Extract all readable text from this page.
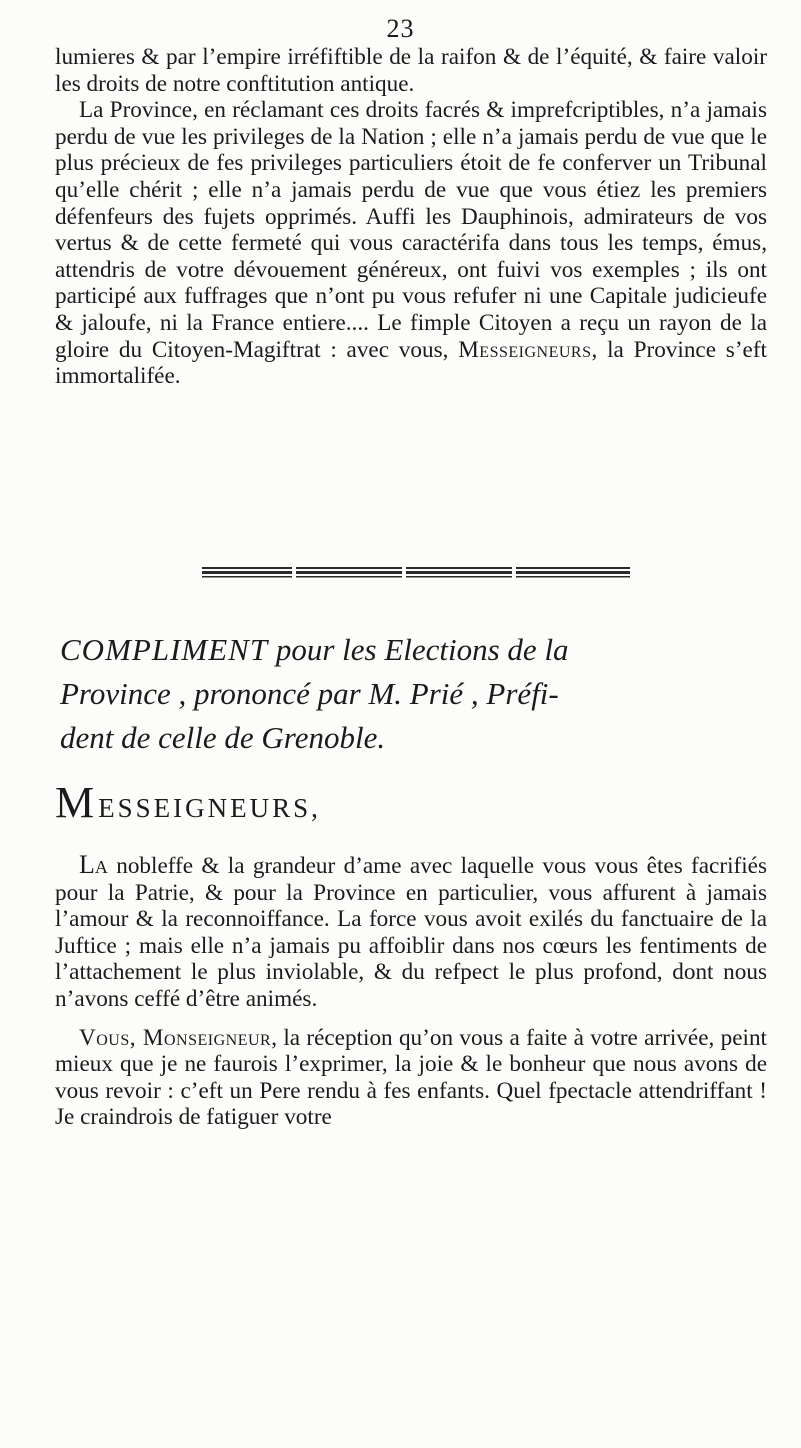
23

lumieres & par l’empire irréfiftible de la raifon & de l’équité, & faire valoir les droits de notre conftitution antique.

La Province, en réclamant ces droits facrés & imprefcriptibles, n’a jamais perdu de vue les privileges de la Nation ; elle n’a jamais perdu de vue que le plus précieux de fes privileges particuliers étoit de fe conferver un Tribunal qu’elle chérit ; elle n’a jamais perdu de vue que vous étiez les premiers défenfeurs des fujets opprimés. Auffi les Dauphinois, admirateurs de vos vertus & de cette fermeté qui vous caractérifa dans tous les temps, émus, attendris de votre dévouement généreux, ont fuivi vos exemples ; ils ont participé aux fuffrages que n’ont pu vous refufer ni une Capitale judicieufe & jaloufe, ni la France entiere.... Le fimple Citoyen a reçu un rayon de la gloire du Citoyen-Magiftrat : avec vous, Messeigneurs, la Province s’eft immortalifée.

COMPLIMENT pour les Elections de la
Province , prononcé par M. Prié , Préfi-
dent de celle de Grenoble.
MESSEIGNEURS,

La nobleffe & la grandeur d’ame avec laquelle vous vous êtes facrifiés pour la Patrie, & pour la Province en particulier, vous affurent à jamais l’amour & la reconnoiffance. La force vous avoit exilés du fanctuaire de la Juftice ; mais elle n’a jamais pu affoiblir dans nos cœurs les fentiments de l’attachement le plus inviolable, & du refpect le plus profond, dont nous n’avons ceffé d’être animés.

Vous, Monseigneur, la réception qu’on vous a faite à votre arrivée, peint mieux que je ne faurois l’exprimer, la joie & le bonheur que nous avons de vous revoir : c’eft un Pere rendu à fes enfants. Quel fpectacle attendriffant ! Je craindrois de fatiguer votre
